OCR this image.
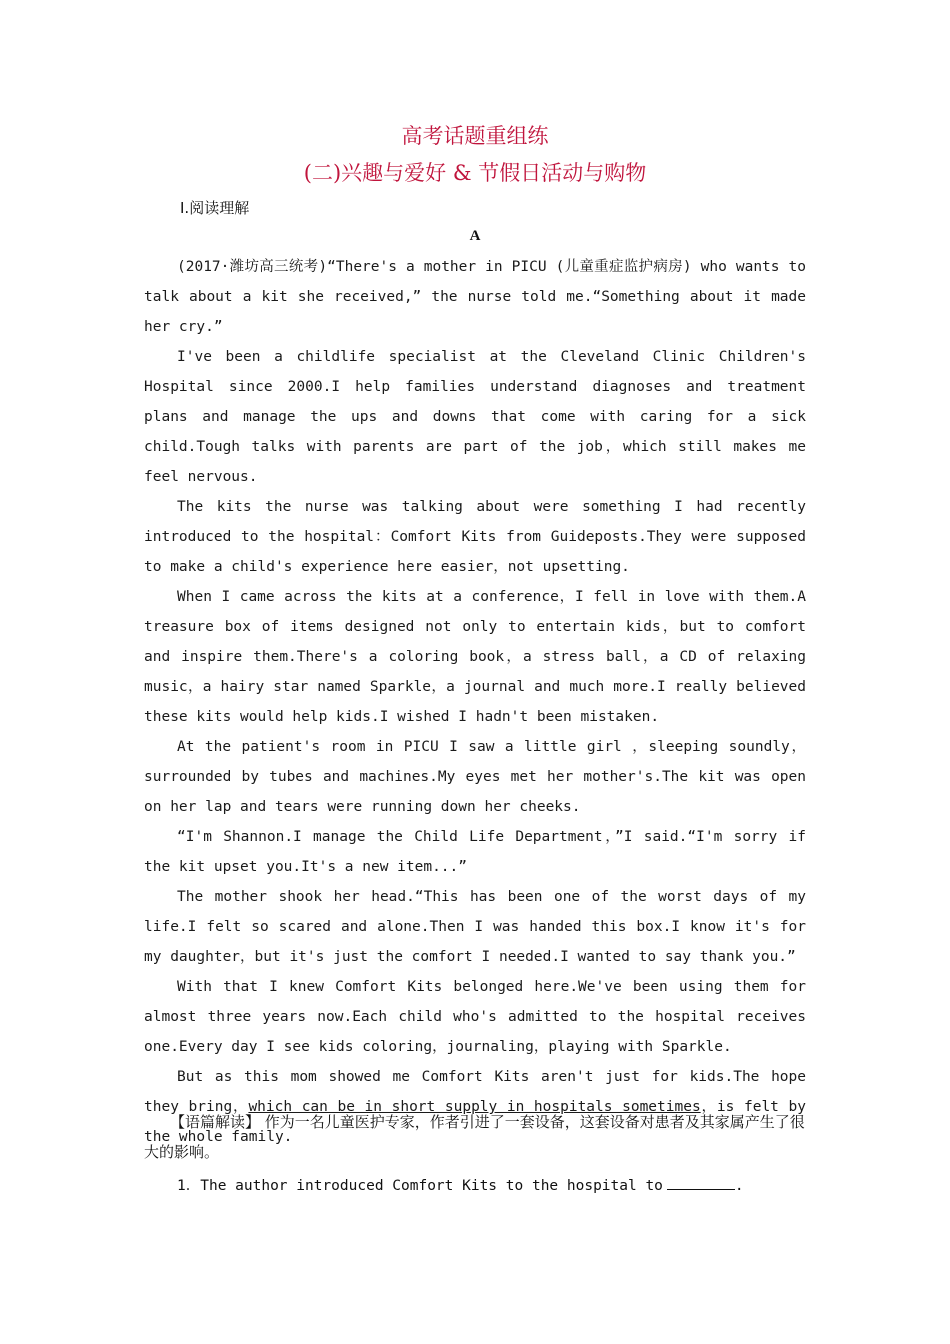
高考话题重组练
(二)兴趣与爱好 & 节假日活动与购物
Ⅰ.阅读理解
A

(2017·潍坊高三统考)“There's a mother in PICU (儿童重症监护病房) who wants to talk about a kit she received,” the nurse told me.“Something about it made her cry.”

I've been a childlife specialist at the Cleveland Clinic Children's Hospital since 2000.I help families understand diagnoses and treatment plans and manage the ups and downs that come with caring for a sick child.Tough talks with parents are part of the job，which still makes me feel nervous.

The kits the nurse was talking about were something I had recently introduced to the hospital：Comfort Kits from Guideposts.They were supposed to make a child's experience here easier，not upsetting.

When I came across the kits at a conference，I fell in love with them.A treasure box of items designed not only to entertain kids，but to comfort and inspire them.There's a coloring book，a stress ball，a CD of relaxing music，a hairy star named Sparkle，a journal and much more.I really believed these kits would help kids.I wished I hadn't been mistaken.

At the patient's room in PICU I saw a little girl ，sleeping soundly，surrounded by tubes and machines.My eyes met her mother's.The kit was open on her lap and tears were running down her cheeks.

“I'm Shannon.I manage the Child Life Department，”I said.“I'm sorry if the kit upset you.It's a new item...”

The mother shook her head.“This has been one of the worst days of my life.I felt so scared and alone.Then I was handed this box.I know it's for my daughter，but it's just the comfort I needed.I wanted to say thank you.”

With that I knew Comfort Kits belonged here.We've been using them for almost three years now.Each child who's admitted to the hospital receives one.Every day I see kids coloring，journaling，playing with Sparkle.

But as this mom showed me Comfort Kits aren't just for kids.The hope they bring，which can be in short supply in hospitals sometimes，is felt by the whole family.

【语篇解读】 作为一名儿童医护专家，作者引进了一套设备，这套设备对患者及其家属产生了很大的影响。
1．The author introduced Comfort Kits to the hospital to	.
